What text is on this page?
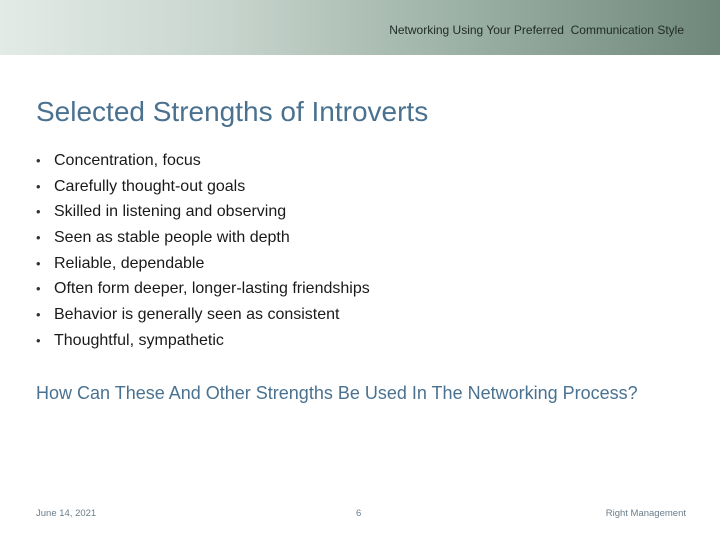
Networking Using Your Preferred  Communication Style
Selected Strengths of Introverts
• Concentration, focus
• Carefully thought-out goals
• Skilled in listening and observing
• Seen as stable people with depth
• Reliable, dependable
• Often form deeper, longer-lasting friendships
• Behavior is generally seen as consistent
• Thoughtful, sympathetic

How Can These And Other Strengths Be Used In The Networking Process?

June 14, 2021	6	Right Management
